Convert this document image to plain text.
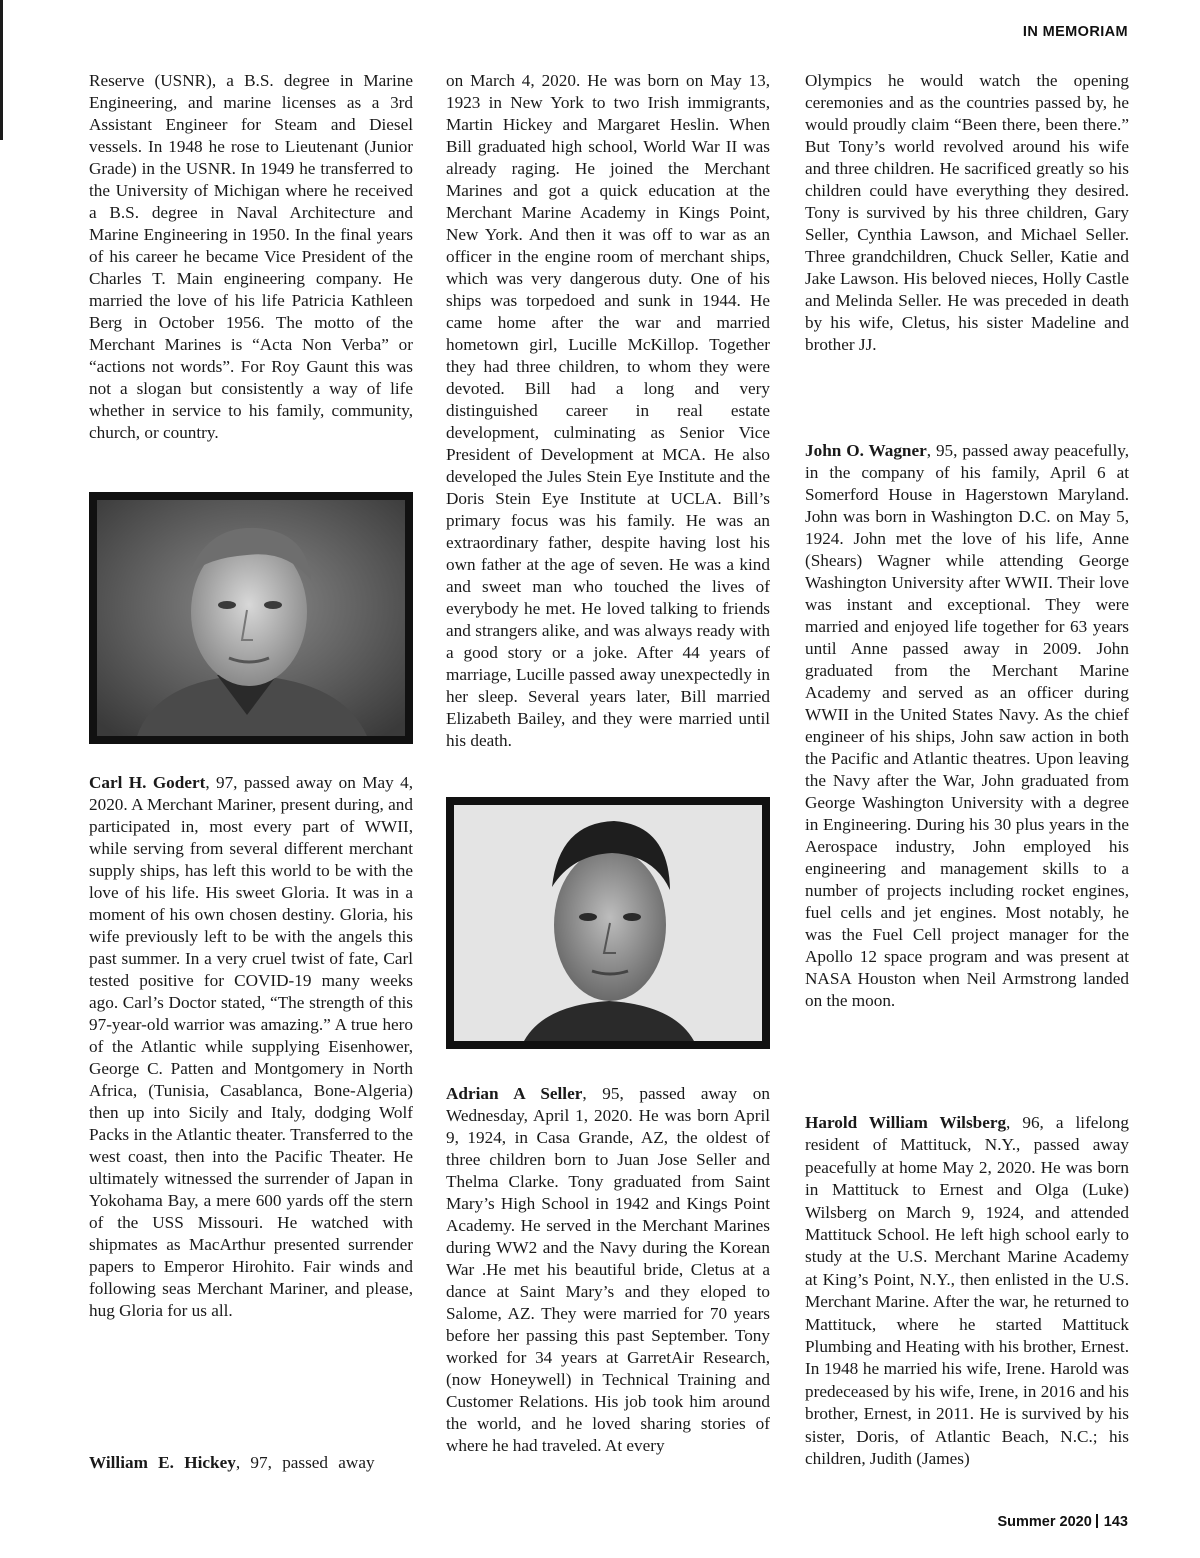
IN MEMORIAM

Reserve (USNR), a B.S. degree in Marine Engineering, and marine licenses as a 3rd Assistant Engineer for Steam and Diesel vessels. In 1948 he rose to Lieutenant (Junior Grade) in the USNR. In 1949 he transferred to the University of Michigan where he received a B.S. degree in Naval Architecture and Marine Engineering in 1950. In the final years of his career he became Vice President of the Charles T. Main engineering company. He married the love of his life Patricia Kathleen Berg in October 1956. The motto of the Merchant Marines is “Acta Non Verba” or “actions not words”. For Roy Gaunt this was not a slogan but consistently a way of life whether in service to his family, community, church, or country.

Carl H. Godert, 97, passed away on May 4, 2020. A Merchant Mariner, present during, and participated in, most every part of WWII, while serving from several different merchant supply ships, has left this world to be with the love of his life. His sweet Gloria. It was in a moment of his own chosen destiny. Gloria, his wife previously left to be with the angels this past summer. In a very cruel twist of fate, Carl tested positive for COVID-19 many weeks ago. Carl’s Doctor stated, “The strength of this 97-year-old warrior was amazing.” A true hero of the Atlantic while supplying Eisenhower, George C. Patten and Montgomery in North Africa, (Tunisia, Casablanca, Bone-Algeria) then up into Sicily and Italy, dodging Wolf Packs in the Atlantic theater. Transferred to the west coast, then into the Pacific Theater. He ultimately witnessed the surrender of Japan in Yokohama Bay, a mere 600 yards off the stern of the USS Missouri. He watched with shipmates as MacArthur presented surrender papers to Emperor Hirohito. Fair winds and following seas Merchant Mariner, and please, hug Gloria for us all.

William E. Hickey, 97, passed away

on March 4, 2020. He was born on May 13, 1923 in New York to two Irish immigrants, Martin Hickey and Margaret Heslin. When Bill graduated high school, World War II was already raging. He joined the Merchant Marines and got a quick education at the Merchant Marine Academy in Kings Point, New York. And then it was off to war as an officer in the engine room of merchant ships, which was very dangerous duty. One of his ships was torpedoed and sunk in 1944. He came home after the war and married hometown girl, Lucille McKillop. Together they had three children, to whom they were devoted. Bill had a long and very distinguished career in real estate development, culminating as Senior Vice President of Development at MCA. He also developed the Jules Stein Eye Institute and the Doris Stein Eye Institute at UCLA. Bill’s primary focus was his family. He was an extraordinary father, despite having lost his own father at the age of seven. He was a kind and sweet man who touched the lives of everybody he met. He loved talking to friends and strangers alike, and was always ready with a good story or a joke. After 44 years of marriage, Lucille passed away unexpectedly in her sleep. Several years later, Bill married Elizabeth Bailey, and they were married until his death.

Adrian A Seller, 95, passed away on Wednesday, April 1, 2020. He was born April 9, 1924, in Casa Grande, AZ, the oldest of three children born to Juan Jose Seller and Thelma Clarke. Tony graduated from Saint Mary’s High School in 1942 and Kings Point Academy. He served in the Merchant Marines during WW2 and the Navy during the Korean War .He met his beautiful bride, Cletus at a dance at Saint Mary’s and they eloped to Salome, AZ. They were married for 70 years before her passing this past September. Tony worked for 34 years at GarretAir Research, (now Honeywell) in Technical Training and Customer Relations. His job took him around the world, and he loved sharing stories of where he had traveled. At every

Olympics he would watch the opening ceremonies and as the countries passed by, he would proudly claim “Been there, been there.” But Tony’s world revolved around his wife and three children. He sacrificed greatly so his children could have everything they desired. Tony is survived by his three children, Gary Seller, Cynthia Lawson, and Michael Seller. Three grandchildren, Chuck Seller, Katie and Jake Lawson. His beloved nieces, Holly Castle and Melinda Seller. He was preceded in death by his wife, Cletus, his sister Madeline and brother JJ.

John O. Wagner, 95, passed away peacefully, in the company of his family, April 6 at Somerford House in Hagerstown Maryland. John was born in Washington D.C. on May 5, 1924. John met the love of his life, Anne (Shears) Wagner while attending George Washington University after WWII. Their love was instant and exceptional. They were married and enjoyed life together for 63 years until Anne passed away in 2009. John graduated from the Merchant Marine Academy and served as an officer during WWII in the United States Navy. As the chief engineer of his ships, John saw action in both the Pacific and Atlantic theatres. Upon leaving the Navy after the War, John graduated from George Washington University with a degree in Engineering. During his 30 plus years in the Aerospace industry, John employed his engineering and management skills to a number of projects including rocket engines, fuel cells and jet engines. Most notably, he was the Fuel Cell project manager for the Apollo 12 space program and was present at NASA Houston when Neil Armstrong landed on the moon.

Harold William Wilsberg, 96, a lifelong resident of Mattituck, N.Y., passed away peacefully at home May 2, 2020. He was born in Mattituck to Ernest and Olga (Luke) Wilsberg on March 9, 1924, and attended Mattituck School. He left high school early to study at the U.S. Merchant Marine Academy at King’s Point, N.Y., then enlisted in the U.S. Merchant Marine. After the war, he returned to Mattituck, where he started Mattituck Plumbing and Heating with his brother, Ernest. In 1948 he married his wife, Irene. Harold was predeceased by his wife, Irene, in 2016 and his brother, Ernest, in 2011. He is survived by his sister, Doris, of Atlantic Beach, N.C.; his children, Judith (James)

Summer 2020 143
